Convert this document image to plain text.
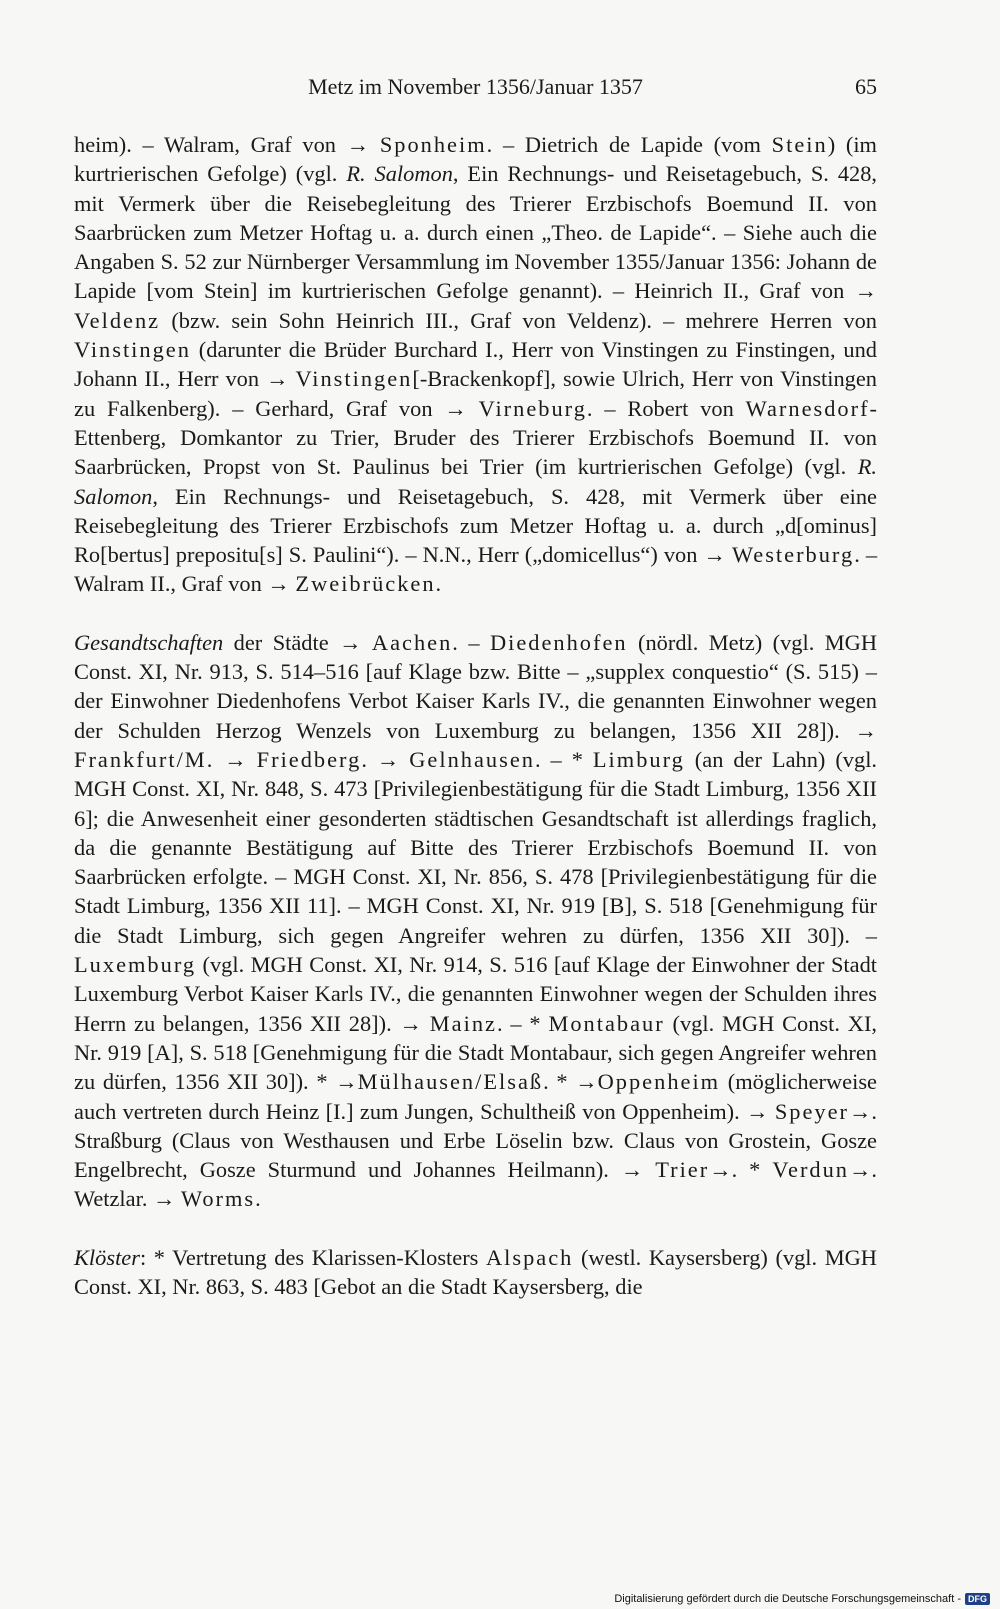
Metz im November 1356/Januar 1357	65

heim). – Walram, Graf von → Sponheim. – Dietrich de Lapide (vom Stein) (im kurtrierischen Gefolge) (vgl. R. Salomon, Ein Rechnungs- und Reisetagebuch, S. 428, mit Vermerk über die Reisebegleitung des Trierer Erzbischofs Boemund II. von Saarbrücken zum Metzer Hoftag u. a. durch einen „Theo. de Lapide“. – Siehe auch die Angaben S. 52 zur Nürnberger Versammlung im November 1355/Januar 1356: Johann de Lapide [vom Stein] im kurtrierischen Gefolge genannt). – Heinrich II., Graf von → Veldenz (bzw. sein Sohn Heinrich III., Graf von Veldenz). – mehrere Herren von Vinstingen (darunter die Brüder Burchard I., Herr von Vinstingen zu Finstingen, und Johann II., Herr von → Vinstingen[-Brackenkopf], sowie Ulrich, Herr von Vinstingen zu Falkenberg). – Gerhard, Graf von → Virneburg. – Robert von Warnesdorf-Ettenberg, Domkantor zu Trier, Bruder des Trierer Erzbischofs Boemund II. von Saarbrücken, Propst von St. Paulinus bei Trier (im kurtrierischen Gefolge) (vgl. R. Salomon, Ein Rechnungs- und Reisetagebuch, S. 428, mit Vermerk über eine Reisebegleitung des Trierer Erzbischofs zum Metzer Hoftag u. a. durch „d[ominus] Ro[bertus] prepositu[s] S. Paulini“). – N.N., Herr („domicellus“) von → Westerburg. – Walram II., Graf von → Zweibrücken.

Gesandtschaften der Städte → Aachen. – Diedenhofen (nördl. Metz) (vgl. MGH Const. XI, Nr. 913, S. 514–516 [auf Klage bzw. Bitte – „supplex conquestio“ (S. 515) – der Einwohner Diedenhofens Verbot Kaiser Karls IV., die genannten Einwohner wegen der Schulden Herzog Wenzels von Luxemburg zu belangen, 1356 XII 28]). → Frankfurt/M. → Friedberg. → Gelnhausen. – * Limburg (an der Lahn) (vgl. MGH Const. XI, Nr. 848, S. 473 [Privilegienbestätigung für die Stadt Limburg, 1356 XII 6]; die Anwesenheit einer gesonderten städtischen Gesandtschaft ist allerdings fraglich, da die genannte Bestätigung auf Bitte des Trierer Erzbischofs Boemund II. von Saarbrücken erfolgte. – MGH Const. XI, Nr. 856, S. 478 [Privilegienbestätigung für die Stadt Limburg, 1356 XII 11]. – MGH Const. XI, Nr. 919 [B], S. 518 [Genehmigung für die Stadt Limburg, sich gegen Angreifer wehren zu dürfen, 1356 XII 30]). – Luxemburg (vgl. MGH Const. XI, Nr. 914, S. 516 [auf Klage der Einwohner der Stadt Luxemburg Verbot Kaiser Karls IV., die genannten Einwohner wegen der Schulden ihres Herrn zu belangen, 1356 XII 28]). → Mainz. – * Montabaur (vgl. MGH Const. XI, Nr. 919 [A], S. 518 [Genehmigung für die Stadt Montabaur, sich gegen Angreifer wehren zu dürfen, 1356 XII 30]). * →Mülhausen/Elsaß. * →Oppenheim (möglicherweise auch vertreten durch Heinz [I.] zum Jungen, Schultheiß von Oppenheim). → Speyer→. Straßburg (Claus von Westhausen und Erbe Löselin bzw. Claus von Grostein, Gosze Engelbrecht, Gosze Sturmund und Johannes Heilmann). → Trier→. * Verdun→. Wetzlar. → Worms.

Klöster: * Vertretung des Klarissen-Klosters Alspach (westl. Kaysersberg) (vgl. MGH Const. XI, Nr. 863, S. 483 [Gebot an die Stadt Kaysersberg, die

Digitalisierung gefördert durch die Deutsche Forschungsgemeinschaft - DFG
